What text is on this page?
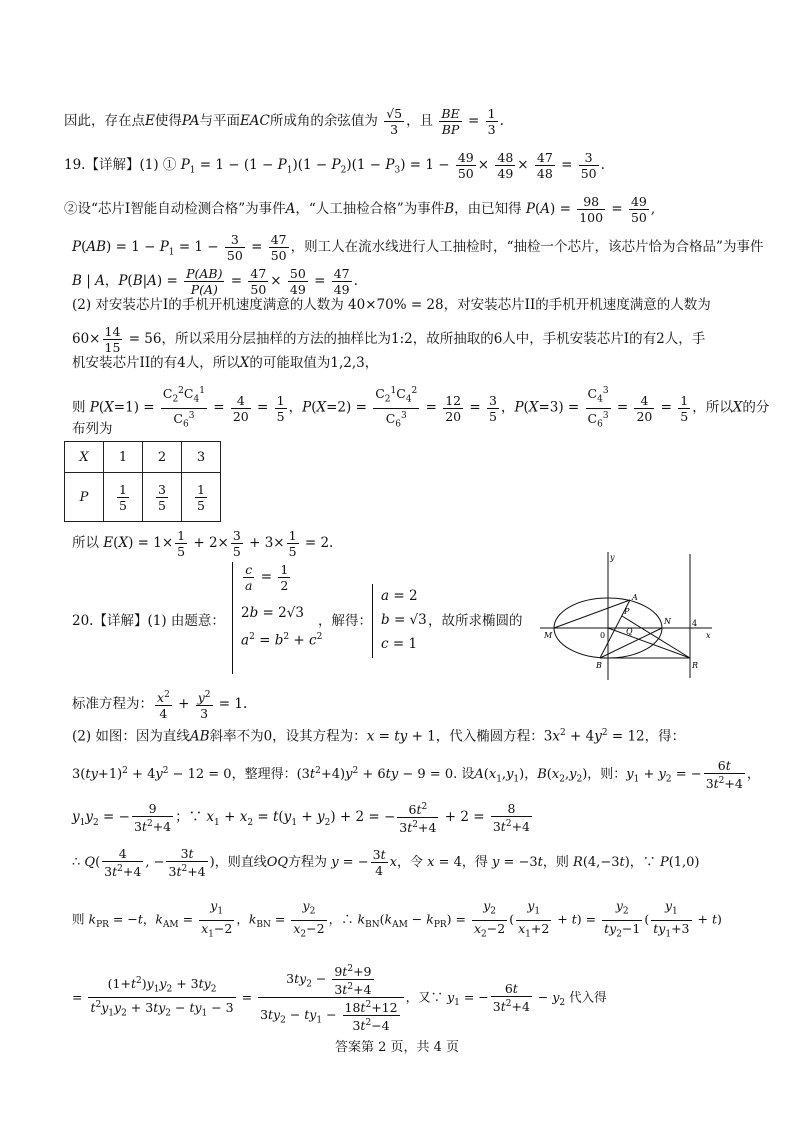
因此，存在点E使得PA与平面EAC所成角的余弦值为 $\frac{√5}{3}$ ，且 $\frac{BE}{BP} = \frac{1}{3}$ .
19.【详解】(1) ① $P_1 = 1 - (1 - P_1)(1 - P_2)(1 - P_3) = 1 - \frac{49}{50} \times \frac{48}{49} \times \frac{47}{48} = \frac{3}{50}$ .
②设“芯片I智能自动检测合格”为事件A，“人工抽检合格”为事件B，由已知得 $P(A) = \frac{98}{100} = \frac{49}{50}$ ,
$P(AB) = 1 - P_1 = 1 - \frac{3}{50} = \frac{47}{50}$ ，则工人在流水线进行人工抽检时，“抽检一个芯片，该芯片恰为合格品”为事件
B | A，$P(B|A) = \frac{P(AB)}{P(A)} = \frac{47}{50} \times \frac{50}{49} = \frac{47}{49}$ .
(2) 对安装芯片I的手机开机速度满意的人数为 40×70% = 28，对安装芯片II的手机开机速度满意的人数为
$60\times \frac{14}{15} = 56$，所以采用分层抽样的方法的抽样比为1:2，故所抽取的6人中，手机安装芯片I的有2人，手
机安装芯片II的有4人，所以X的可能取值为1,2,3，
则 $P(X=1) = \frac{C_2^2C_4^1}{C_6^3} = \frac{4}{20} = \frac{1}{5}$ ，$P(X=2) = \frac{C_2^1C_4^2}{C_6^3} = \frac{12}{20} = \frac{3}{5}$ ，$P(X=3) = \frac{C_4^3}{C_6^3} = \frac{4}{20} = \frac{1}{5}$ ，所以X的分
布列为
X	1	2	3
P	$\frac{1}{5}$	$\frac{3}{5}$	$\frac{1}{5}$
所以 $E(X) = 1\times \frac{1}{5} + 2\times \frac{3}{5} + 3\times \frac{1}{5} = 2$.
20.【详解】(1) 由题意：
$\frac{c}{a} = \frac{1}{2}$
2b = 2√3
$a^2 = b^2 + c^2$
，解得：
a = 2
b = √3
c = 1
，故所求椭圆的
y
x
0
M
A
B
N
P
Q
R
4
标准方程为： $\frac{x^2}{4} + \frac{y^2}{3} = 1$.
(2) 如图：因为直线AB斜率不为0，设其方程为：x = ty + 1，代入椭圆方程：$3x^2 + 4y^2 = 12$，得：
$3(ty+1)^2 + 4y^2 - 12 = 0$，整理得：$(3t^2+4)y^2 + 6ty - 9 = 0$. 设$A(x_1,y_1)$，$B(x_2,y_2)$，则：$y_1 + y_2$ = − $\frac{6t}{3t^2+4}$ ，
$y_1y_2$ = − $\frac{9}{3t^2+4}$ ；∵ $x_1 + x_2 = t(y_1 + y_2) + 2$ = − $\frac{6t^2}{3t^2+4} + 2 = \frac{8}{3t^2+4}$
∴ $Q( \frac{4}{3t^2+4}$ , − $\frac{3t}{3t^2+4}$ )，则直线OQ方程为 y = − $\frac{3t}{4}$ x，令 x = 4，得 y = −3t，则 R(4,−3t)，∵ P(1,0)
则 $k_{PR} = -t$，$k_{AM} = \frac{y_1}{x_1-2}$ ，$k_{BN} = \frac{y_2}{x_2-2}$ ，∴ $k_{BN}(k_{AM} - k_{PR}) = \frac{y_2}{x_2-2}$ ( $\frac{y_1}{x_1+2} + t) = \frac{y_2}{ty_2-1}$ ( $\frac{y_1}{ty_1+3} + t$)
= $\frac{(1+t^2)y_1y_2 + 3ty_2}{t^2y_1y_2 + 3ty_2 - ty_1 - 3} = \frac{3ty_2 - \frac{9t^2+9}{3t^2+4}}{3ty_2 - ty_1 - \frac{18t^2+12}{3t^2-4}}$ ，又∵ $y_1$ = − $\frac{6t}{3t^2+4} - y_2$ 代入得
答案第 2 页，共 4 页
